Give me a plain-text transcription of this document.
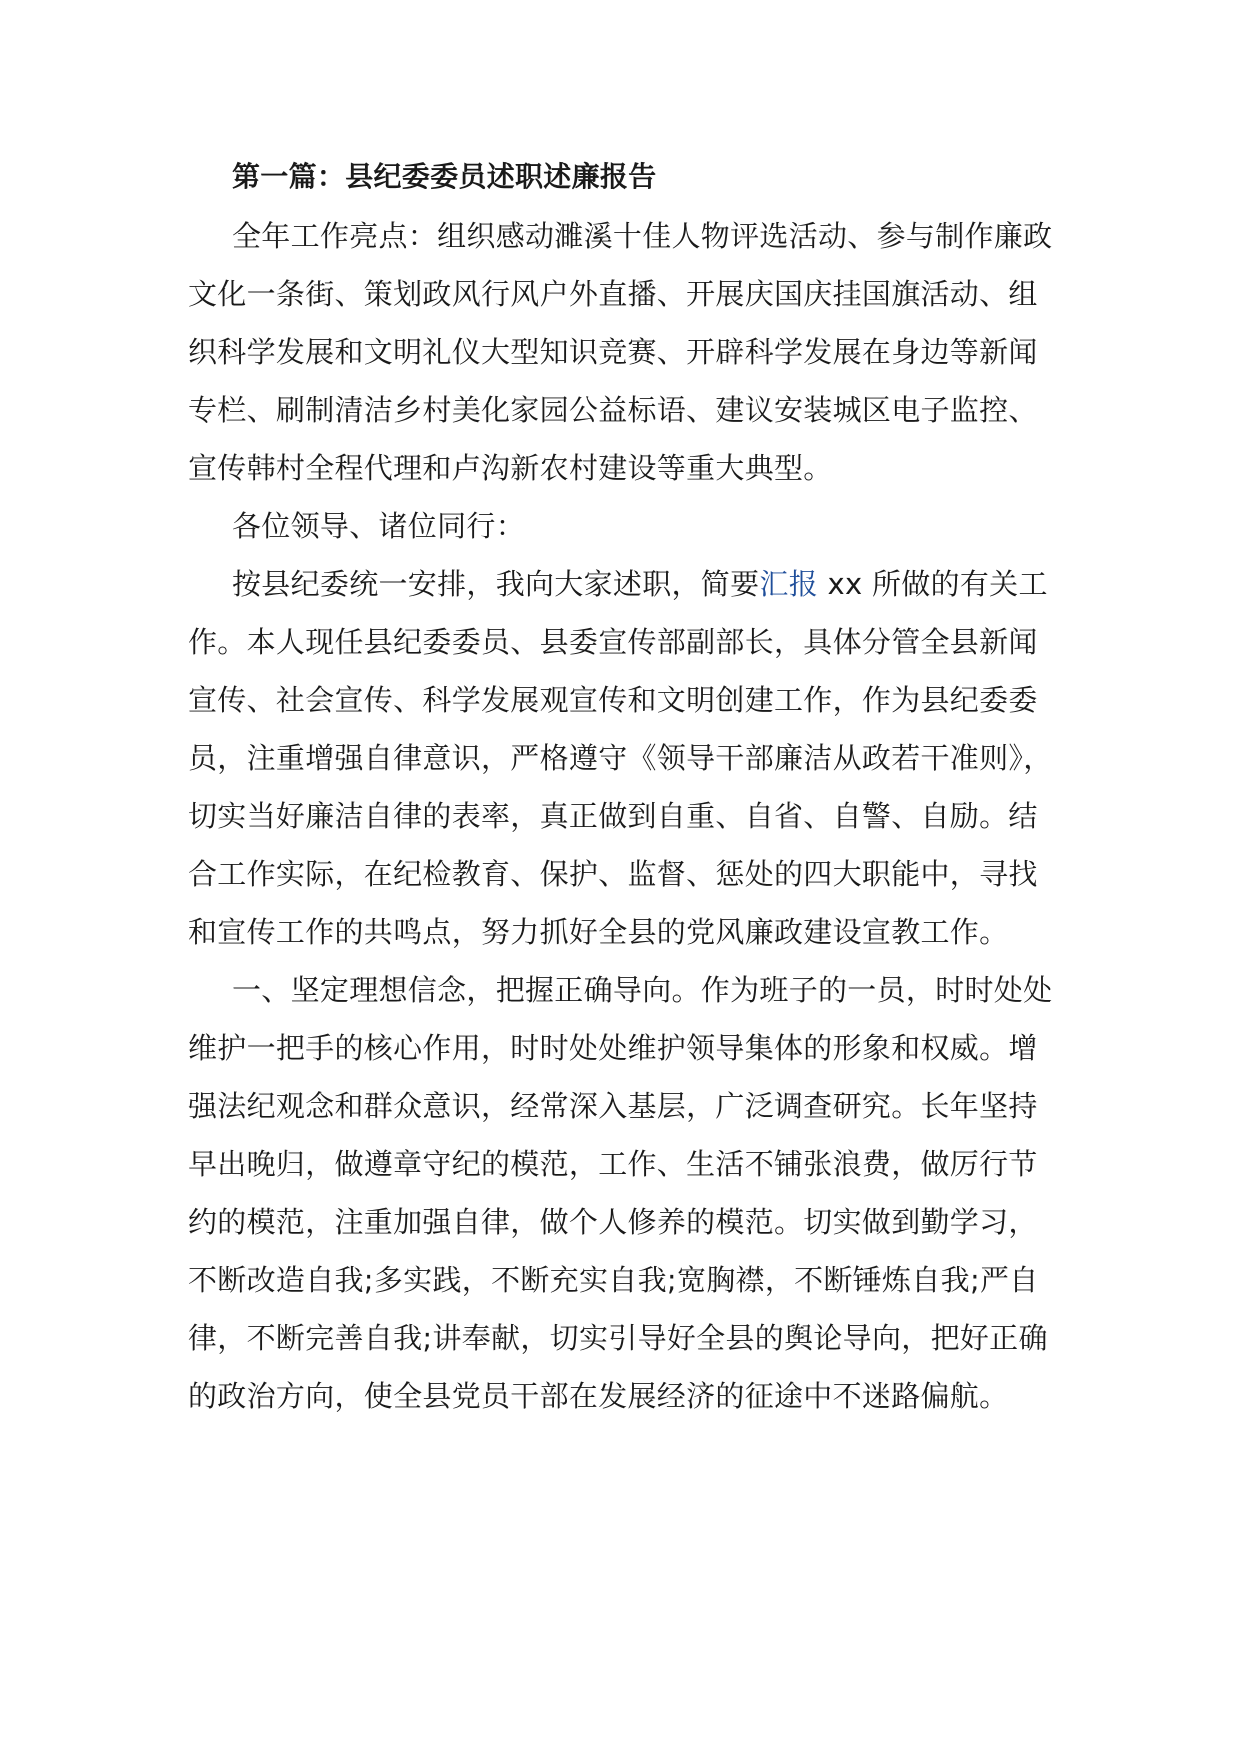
第一篇：县纪委委员述职述廉报告
全年工作亮点：组织感动濉溪十佳人物评选活动、参与制作廉政
文化一条街、策划政风行风户外直播、开展庆国庆挂国旗活动、组
织科学发展和文明礼仪大型知识竞赛、开辟科学发展在身边等新闻
专栏、刷制清洁乡村美化家园公益标语、建议安装城区电子监控、
宣传韩村全程代理和卢沟新农村建设等重大典型。
各位领导、诸位同行：
按县纪委统一安排，我向大家述职，简要汇报 xx 所做的有关工
作。本人现任县纪委委员、县委宣传部副部长，具体分管全县新闻
宣传、社会宣传、科学发展观宣传和文明创建工作，作为县纪委委
员，注重增强自律意识，严格遵守《领导干部廉洁从政若干准则》，
切实当好廉洁自律的表率，真正做到自重、自省、自警、自励。结
合工作实际，在纪检教育、保护、监督、惩处的四大职能中，寻找
和宣传工作的共鸣点，努力抓好全县的党风廉政建设宣教工作。
一、坚定理想信念，把握正确导向。作为班子的一员，时时处处
维护一把手的核心作用，时时处处维护领导集体的形象和权威。增
强法纪观念和群众意识，经常深入基层，广泛调查研究。长年坚持
早出晚归，做遵章守纪的模范，工作、生活不铺张浪费，做厉行节
约的模范，注重加强自律，做个人修养的模范。切实做到勤学习，
不断改造自我;多实践，不断充实自我;宽胸襟，不断锤炼自我;严自
律，不断完善自我;讲奉献，切实引导好全县的舆论导向，把好正确
的政治方向，使全县党员干部在发展经济的征途中不迷路偏航。
